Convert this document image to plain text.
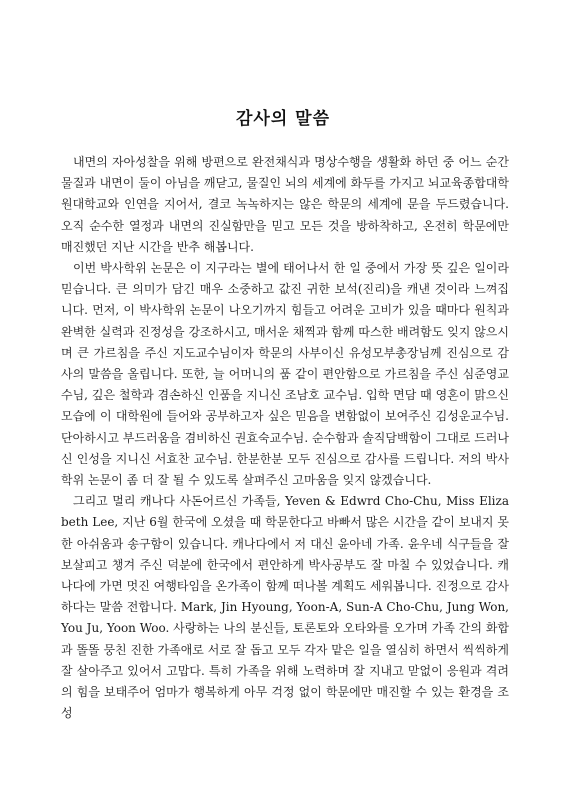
감사의 말씀

내면의 자아성찰을 위해 방편으로 완전채식과 명상수행을 생활화 하던 중 어느 순간 물질과 내면이 둘이 아님을 깨닫고, 물질인 뇌의 세계에 화두를 가지고 뇌교육종합대학원대학교와 인연을 지어서, 결코 녹녹하지는 않은 학문의 세계에 문을 두드렸습니다. 오직 순수한 열정과 내면의 진실함만을 믿고 모든 것을 방하착하고, 온전히 학문에만 매진했던 지난 시간을 반추 해봅니다.

이번 박사학위 논문은 이 지구라는 별에 태어나서 한 일 중에서 가장 뜻 깊은 일이라 믿습니다. 큰 의미가 담긴 매우 소중하고 값진 귀한 보석(진리)을 캐낸 것이라 느껴집니다. 먼저, 이 박사학위 논문이 나오기까지 힘들고 어려운 고비가 있을 때마다 원칙과 완벽한 실력과 진정성을 강조하시고, 매서운 채찍과 함께 따스한 배려함도 잊지 않으시며 큰 가르침을 주신 지도교수님이자 학문의 사부이신 유성모부총장님께 진심으로 감사의 말씀을 올립니다. 또한, 늘 어머니의 품 같이 편안함으로 가르침을 주신 심준영교수님, 깊은 철학과 겸손하신 인품을 지니신 조남호 교수님. 입학 면담 때 영혼이 맑으신 모습에 이 대학원에 들어와 공부하고자 싶은 믿음을 변함없이 보여주신 김성운교수님. 단아하시고 부드러움을 겸비하신 권효숙교수님. 순수함과 솔직담백함이 그대로 드러나신 인성을 지니신 서효찬 교수님. 한분한분 모두 진심으로 감사를 드립니다. 저의 박사학위 논문이 좀 더 잘 될 수 있도록 살펴주신 고마움을 잊지 않겠습니다.

그리고 멀리 캐나다 사돈어르신 가족들, Yeven & Edwrd Cho-Chu, Miss Elizabeth Lee, 지난 6월 한국에 오셨을 때 학문한다고 바빠서 많은 시간을 같이 보내지 못한 아쉬움과 송구함이 있습니다. 캐나다에서 저 대신 윤아네 가족. 윤우네 식구들을 잘 보살피고 챙겨 주신 덕분에 한국에서 편안하게 박사공부도 잘 마칠 수 있었습니다. 캐나다에 가면 멋진 여행타임을 온가족이 함께 떠나볼 계획도 세워봅니다. 진정으로 감사 하다는 말씀 전합니다. Mark, Jin Hyoung, Yoon-A, Sun-A Cho-Chu, Jung Won, You Ju, Yoon Woo. 사랑하는 나의 분신들, 토론토와 오타와를 오가며 가족 간의 화합과 똘똘 뭉친 진한 가족애로 서로 잘 돕고 모두 각자 맡은 일을 열심히 하면서 씩씩하게 잘 살아주고 있어서 고맙다. 특히 가족을 위해 노력하며 잘 지내고 맏없이 응원과 격려의 힘을 보태주어 엄마가 행복하게 아무 걱정 없이 학문에만 매진할 수 있는 환경을 조성
